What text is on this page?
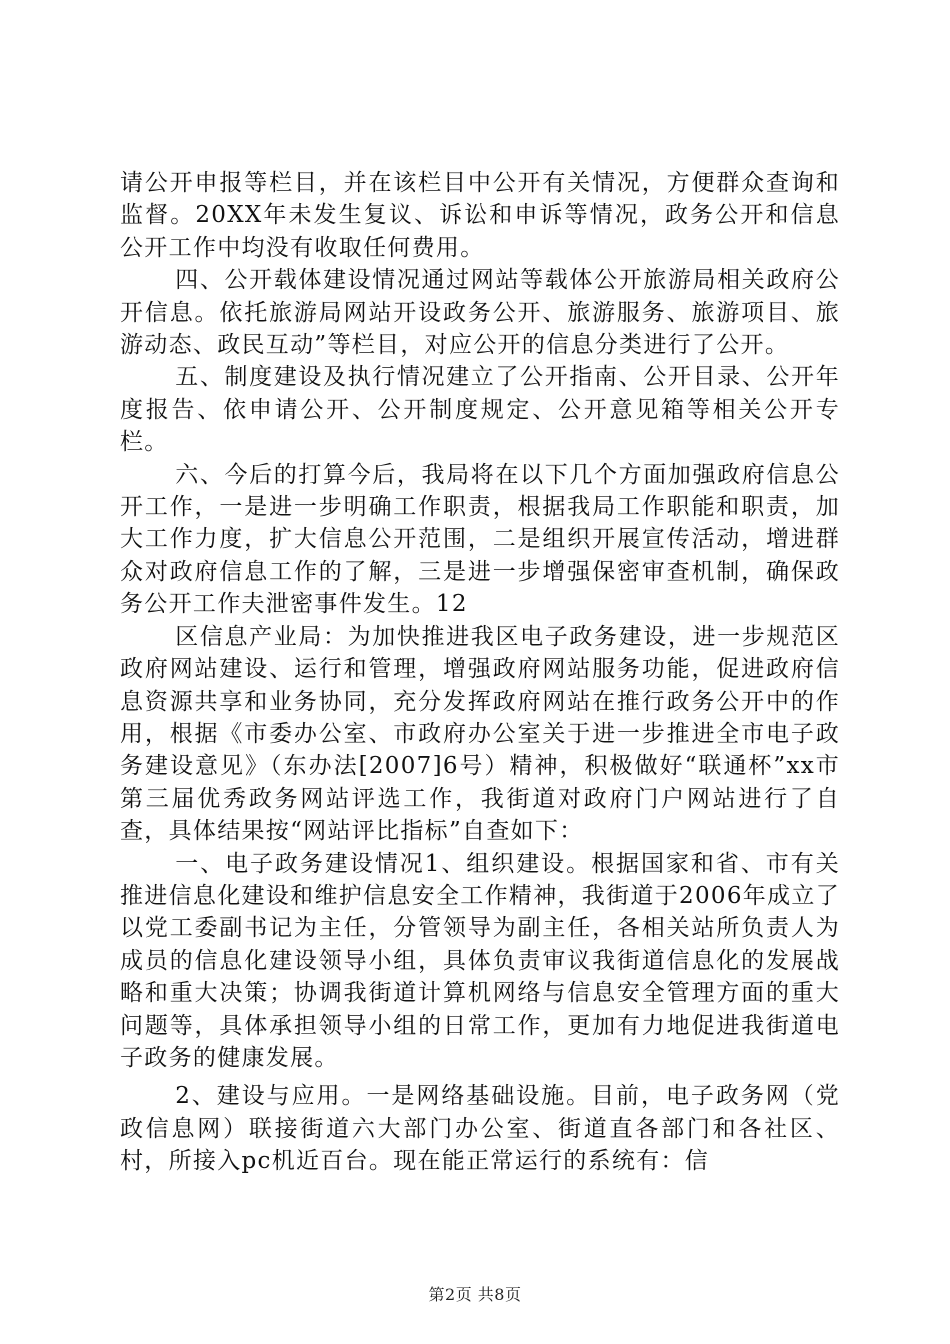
请公开申报等栏目，并在该栏目中公开有关情况，方便群众查询和监督。20XX年未发生复议、诉讼和申诉等情况，政务公开和信息公开工作中均没有收取任何费用。

四、公开载体建设情况通过网站等载体公开旅游局相关政府公开信息。依托旅游局网站开设政务公开、旅游服务、旅游项目、旅游动态、政民互动”等栏目，对应公开的信息分类进行了公开。

五、制度建设及执行情况建立了公开指南、公开目录、公开年度报告、依申请公开、公开制度规定、公开意见箱等相关公开专栏。

六、今后的打算今后，我局将在以下几个方面加强政府信息公开工作，一是进一步明确工作职责，根据我局工作职能和职责，加大工作力度，扩大信息公开范围，二是组织开展宣传活动，增进群众对政府信息工作的了解，三是进一步增强保密审查机制，确保政务公开工作夫泄密事件发生。12

区信息产业局：为加快推进我区电子政务建设，进一步规范区政府网站建设、运行和管理，增强政府网站服务功能，促进政府信息资源共享和业务协同，充分发挥政府网站在推行政务公开中的作用，根据《市委办公室、市政府办公室关于进一步推进全市电子政务建设意见》（东办法[2007]6号）精神，积极做好“联通杯”xx市第三届优秀政务网站评选工作，我街道对政府门户网站进行了自查，具体结果按“网站评比指标”自查如下：

一、电子政务建设情况1、组织建设。根据国家和省、市有关推进信息化建设和维护信息安全工作精神，我街道于2006年成立了以党工委副书记为主任，分管领导为副主任，各相关站所负责人为成员的信息化建设领导小组，具体负责审议我街道信息化的发展战略和重大决策；协调我街道计算机网络与信息安全管理方面的重大问题等，具体承担领导小组的日常工作，更加有力地促进我街道电子政务的健康发展。

2、建设与应用。一是网络基础设施。目前，电子政务网（党政信息网）联接街道六大部门办公室、街道直各部门和各社区、村，所接入pc机近百台。现在能正常运行的系统有：信

第2页 共8页
